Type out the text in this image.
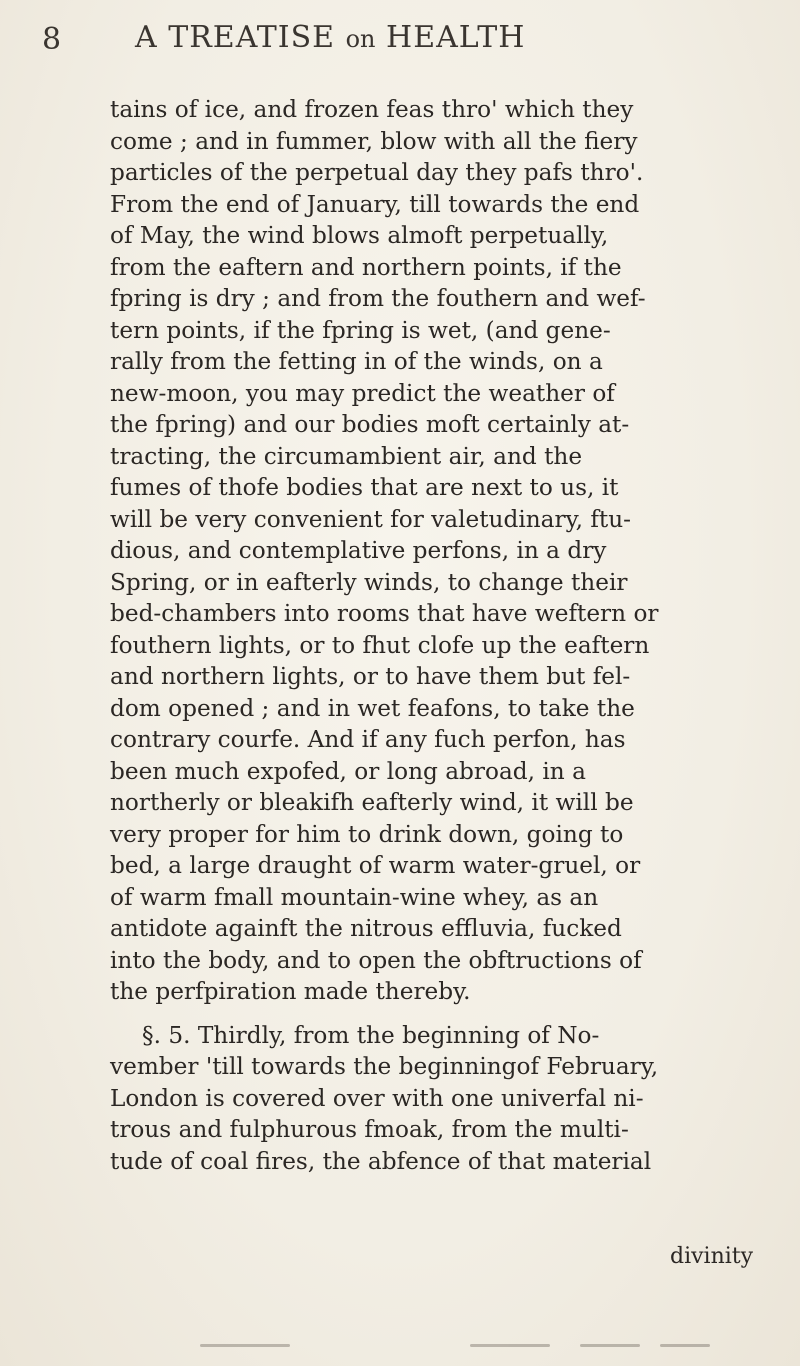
8 A TREATISE on HEALTH
tains of ice, and frozen feas thro' which they
come ; and in fummer, blow with all the fiery
particles of the perpetual day they pafs thro'.
From the end of January, till towards the end
of May, the wind blows almoft perpetually,
from the eaftern and northern points, if the
fpring is dry ; and from the fouthern and wef-
tern points, if the fpring is wet, (and gene-
rally from the fetting in of the winds, on a
new-moon, you may predict the weather of
the fpring) and our bodies moft certainly at-
tracting, the circumambient air, and the
fumes of thofe bodies that are next to us, it
will be very convenient for valetudinary, ftu-
dious, and contemplative perfons, in a dry
Spring, or in eafterly winds, to change their
bed-chambers into rooms that have weftern or
fouthern lights, or to fhut clofe up the eaftern
and northern lights, or to have them but fel-
dom opened ; and in wet feafons, to take the
contrary courfe. And if any fuch perfon, has
been much expofed, or long abroad, in a
northerly or bleakifh eafterly wind, it will be
very proper for him to drink down, going to
bed, a large draught of warm water-gruel, or
of warm fmall mountain-wine whey, as an
antidote againft the nitrous effluvia, fucked
into the body, and to open the obftructions of
the perfpiration made thereby.
§. 5. Thirdly, from the beginning of No-
vember 'till towards the beginningof February,
London is covered over with one univerfal ni-
trous and fulphurous fmoak, from the multi-
tude of coal fires, the abfence of that material
divinity
